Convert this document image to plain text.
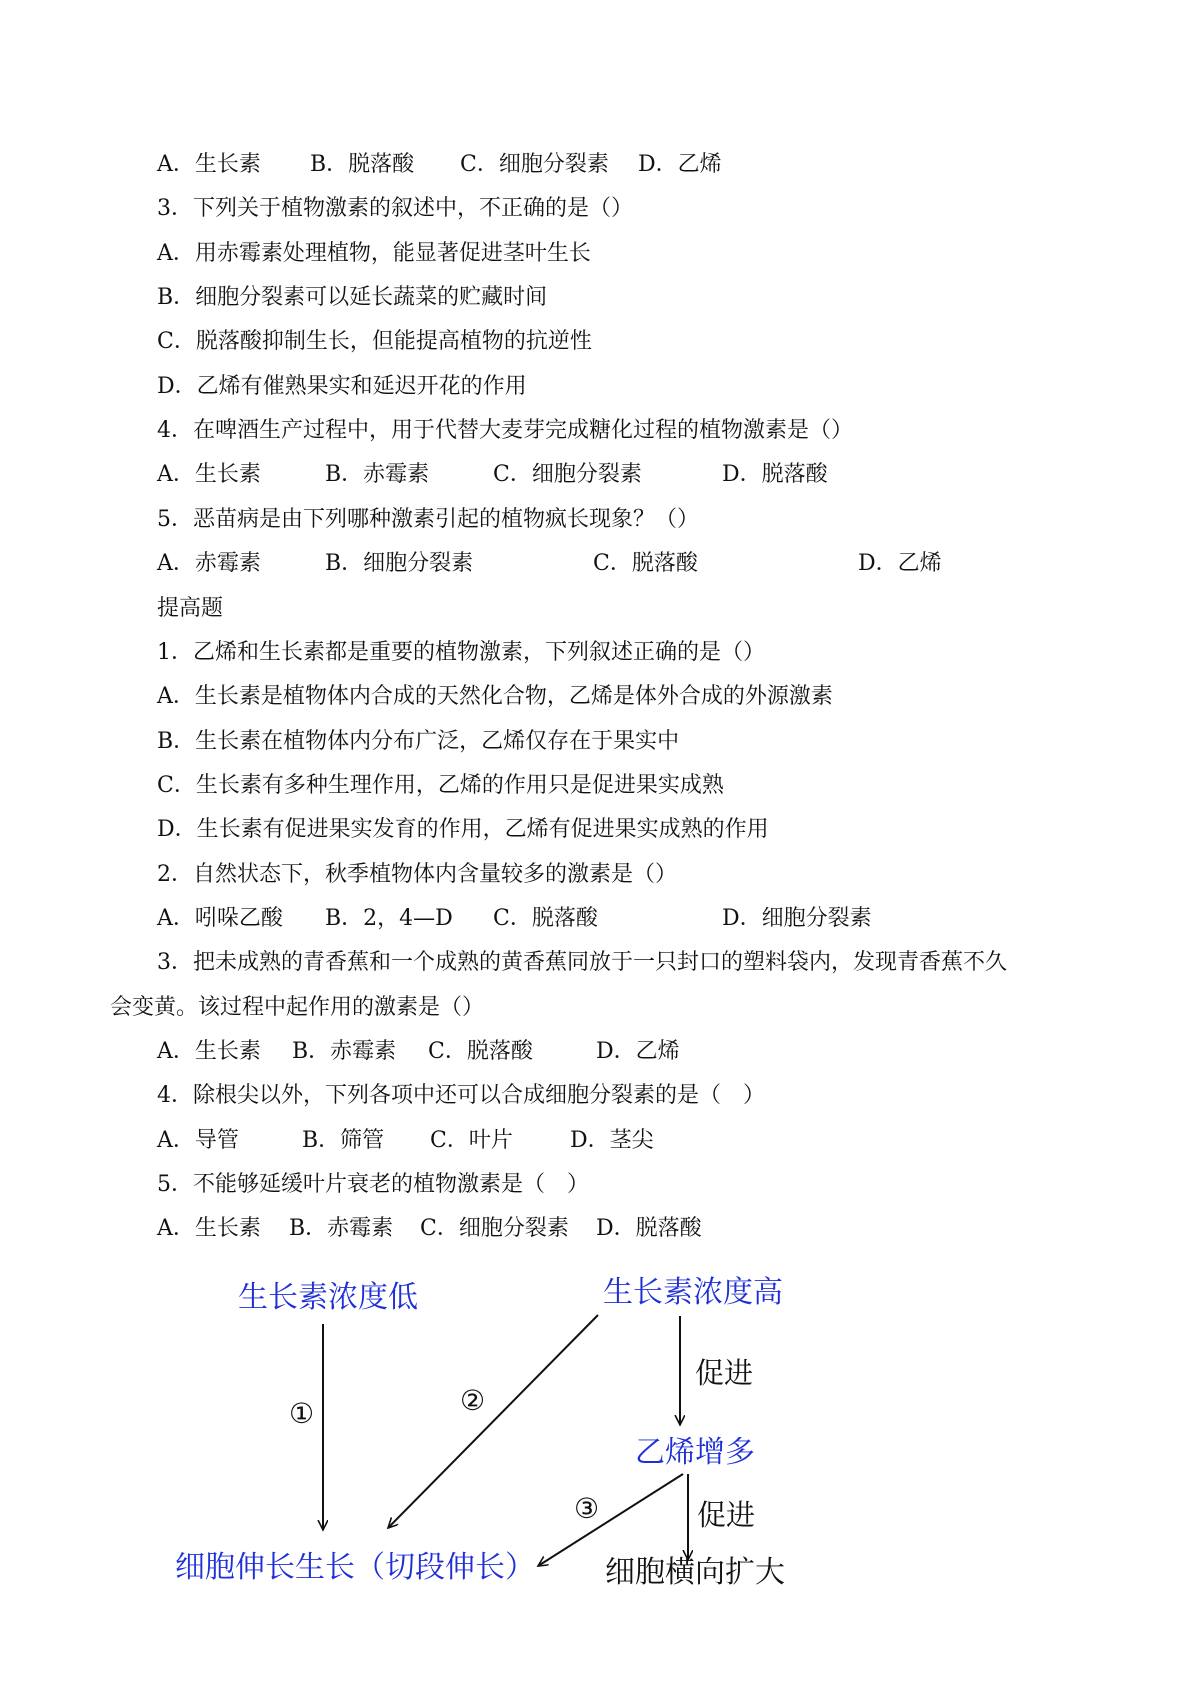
A．生长素 B．脱落酸 C．细胞分裂素 D．乙烯
3．下列关于植物激素的叙述中，不正确的是（）
A．用赤霉素处理植物，能显著促进茎叶生长
B．细胞分裂素可以延长蔬菜的贮藏时间
C．脱落酸抑制生长，但能提高植物的抗逆性
D．乙烯有催熟果实和延迟开花的作用
4．在啤酒生产过程中，用于代替大麦芽完成糖化过程的植物激素是（）
A．生长素	B．赤霉素	C．细胞分裂素	D．脱落酸
5．恶苗病是由下列哪种激素引起的植物疯长现象？（）
A．赤霉素	B．细胞分裂素	C．脱落酸	D．乙烯
提高题
1．乙烯和生长素都是重要的植物激素，下列叙述正确的是（）
A．生长素是植物体内合成的天然化合物，乙烯是体外合成的外源激素
B．生长素在植物体内分布广泛，乙烯仅存在于果实中
C．生长素有多种生理作用，乙烯的作用只是促进果实成熟
D．生长素有促进果实发育的作用，乙烯有促进果实成熟的作用
2．自然状态下，秋季植物体内含量较多的激素是（）
A．吲哚乙酸 B．2，4—D C．脱落酸	D．细胞分裂素
3．把未成熟的青香蕉和一个成熟的黄香蕉同放于一只封口的塑料袋内，发现青香蕉不久
会变黄。该过程中起作用的激素是（）
A．生长素 B．赤霉素 C．脱落酸	D．乙烯
4．除根尖以外，下列各项中还可以合成细胞分裂素的是（　）
A．导管	B．筛管 C．叶片	D．茎尖
5．不能够延缓叶片衰老的植物激素是（　）
A．生长素 B．赤霉素 C．细胞分裂素 D．脱落酸
生长素浓度低	生长素浓度高
乙烯增多
细胞伸长生长（切段伸长） 细胞横向扩大
①	②
③
促进
促进
